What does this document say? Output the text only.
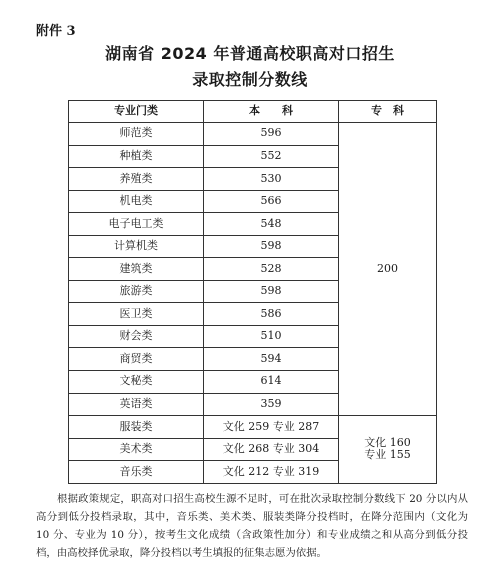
附件 3
湖南省 2024 年普通高校职高对口招生
录取控制分数线
专业门类	本　　科	专　科
师范类	596	200
种植类	552	
养殖类	530	
机电类	566	
电子电工类	548	
计算机类	598	
建筑类	528	
旅游类	598	
医卫类	586	
财会类	510	
商贸类	594	
文秘类	614	
英语类	359	
服装类	文化 259 专业 287	文化 160
专业 155

美术类	文化 268 专业 304	
音乐类	文化 212 专业 319	
根据政策规定，职高对口招生高校生源不足时，可在批次录取控制分数线下 20 分以内从高分到低分投档录取，其中，音乐类、美术类、服装类降分投档时，在降分范围内（文化为 10 分、专业为 10 分），按考生文化成绩（含政策性加分）和专业成绩之和从高分到低分投档，由高校择优录取，降分投档以考生填报的征集志愿为依据。
